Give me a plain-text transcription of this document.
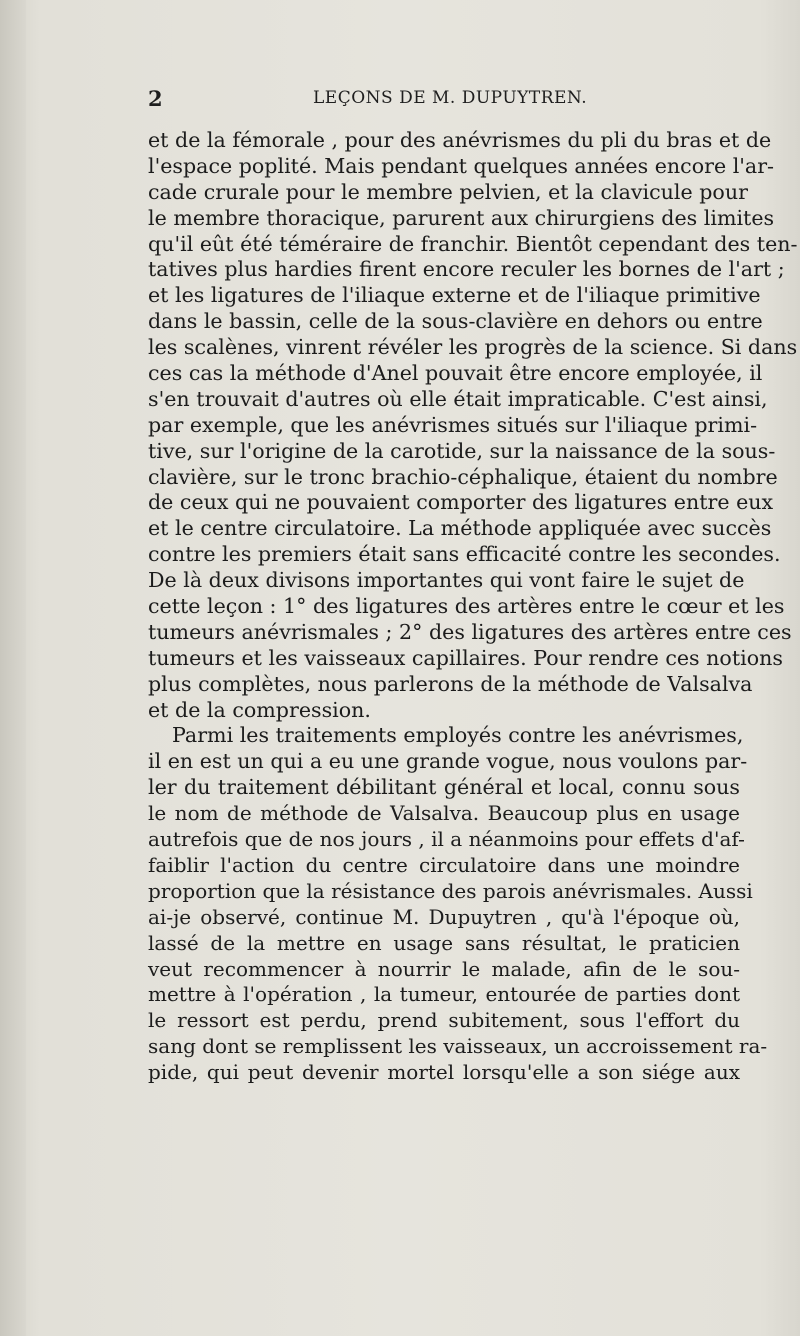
2	LEÇONS DE M. DUPUYTREN.
et de la fémorale , pour des anévrismes du pli du bras et de
l'espace poplité. Mais pendant quelques années encore l'ar-
cade crurale pour le membre pelvien, et la clavicule pour
le membre thoracique, parurent aux chirurgiens des limites
qu'il eût été téméraire de franchir. Bientôt cependant des ten-
tatives plus hardies firent encore reculer les bornes de l'art ;
et les ligatures de l'iliaque externe et de l'iliaque primitive
dans le bassin, celle de la sous-clavière en dehors ou entre
les scalènes, vinrent révéler les progrès de la science. Si dans
ces cas la méthode d'Anel pouvait être encore employée, il
s'en trouvait d'autres où elle était impraticable. C'est ainsi,
par exemple, que les anévrismes situés sur l'iliaque primi-
tive, sur l'origine de la carotide, sur la naissance de la sous-
clavière, sur le tronc brachio-céphalique, étaient du nombre
de ceux qui ne pouvaient comporter des ligatures entre eux
et le centre circulatoire. La méthode appliquée avec succès
contre les premiers était sans efficacité contre les secondes.
De là deux divisons importantes qui vont faire le sujet de
cette leçon : 1° des ligatures des artères entre le cœur et les
tumeurs anévrismales ; 2° des ligatures des artères entre ces
tumeurs et les vaisseaux capillaires. Pour rendre ces notions
plus complètes, nous parlerons de la méthode de Valsalva
et de la compression.
Parmi les traitements employés contre les anévrismes,
il en est un qui a eu une grande vogue, nous voulons par-
ler du traitement débilitant général et local, connu sous
le nom de méthode de Valsalva. Beaucoup plus en usage
autrefois que de nos jours , il a néanmoins pour effets d'af-
faiblir l'action du centre circulatoire dans une moindre
proportion que la résistance des parois anévrismales. Aussi
ai-je observé, continue M. Dupuytren , qu'à l'époque où,
lassé de la mettre en usage sans résultat, le praticien
veut recommencer à nourrir le malade, afin de le sou-
mettre à l'opération , la tumeur, entourée de parties dont
le ressort est perdu, prend subitement, sous l'effort du
sang dont se remplissent les vaisseaux, un accroissement ra-
pide, qui peut devenir mortel lorsqu'elle a son siége aux
